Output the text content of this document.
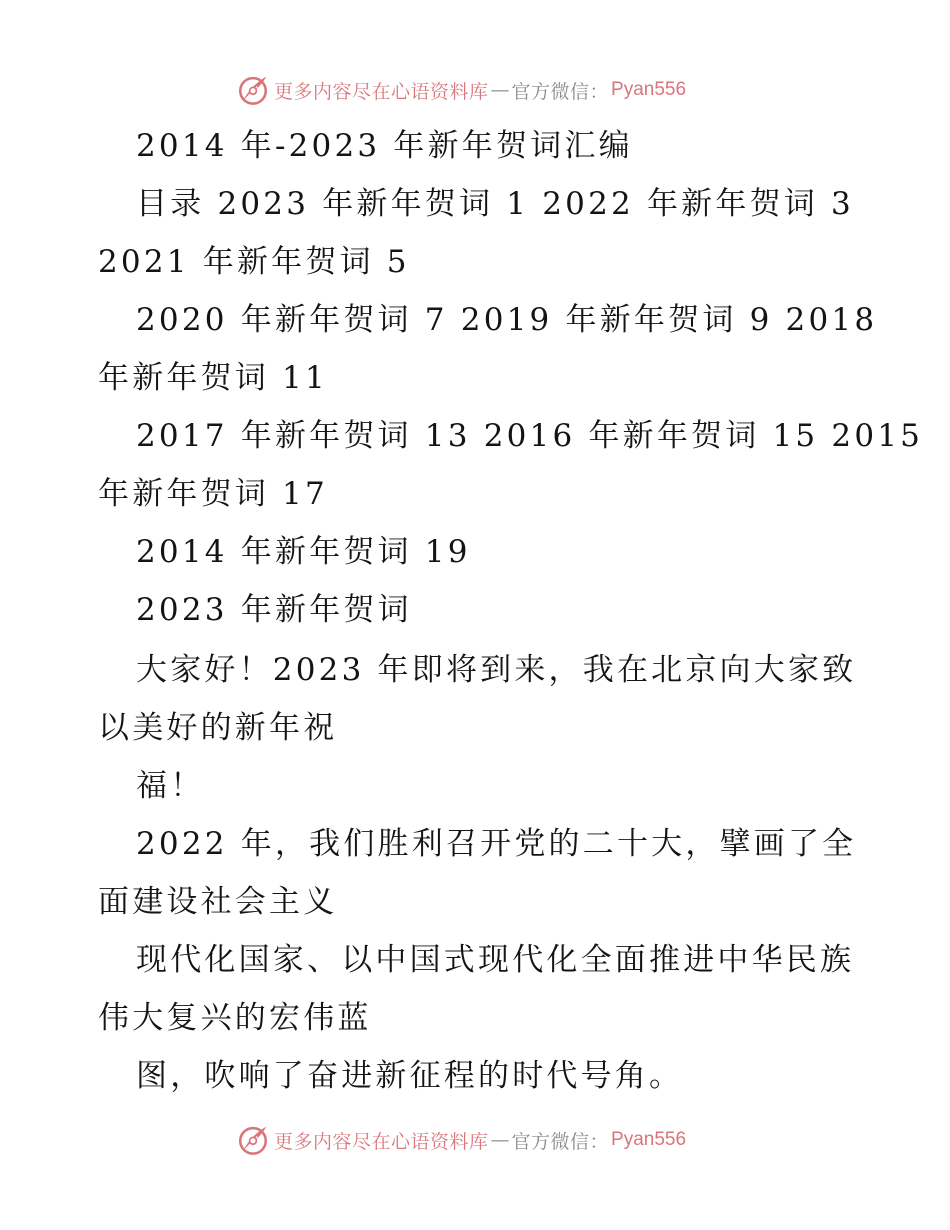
更多内容尽在心语资料库 — 官方微信： Pyan556
2014 年-2023 年新年贺词汇编
目录 2023 年新年贺词 1 2022 年新年贺词 3
2021 年新年贺词 5
2020 年新年贺词 7 2019 年新年贺词 9 2018
年新年贺词 11
2017 年新年贺词 13 2016 年新年贺词 15 2015
年新年贺词 17
2014 年新年贺词 19
2023 年新年贺词
大家好！2023 年即将到来，我在北京向大家致
以美好的新年祝
福！
2022 年，我们胜利召开党的二十大，擘画了全
面建设社会主义
现代化国家、以中国式现代化全面推进中华民族
伟大复兴的宏伟蓝
图，吹响了奋进新征程的时代号角。
更多内容尽在心语资料库 — 官方微信： Pyan556
